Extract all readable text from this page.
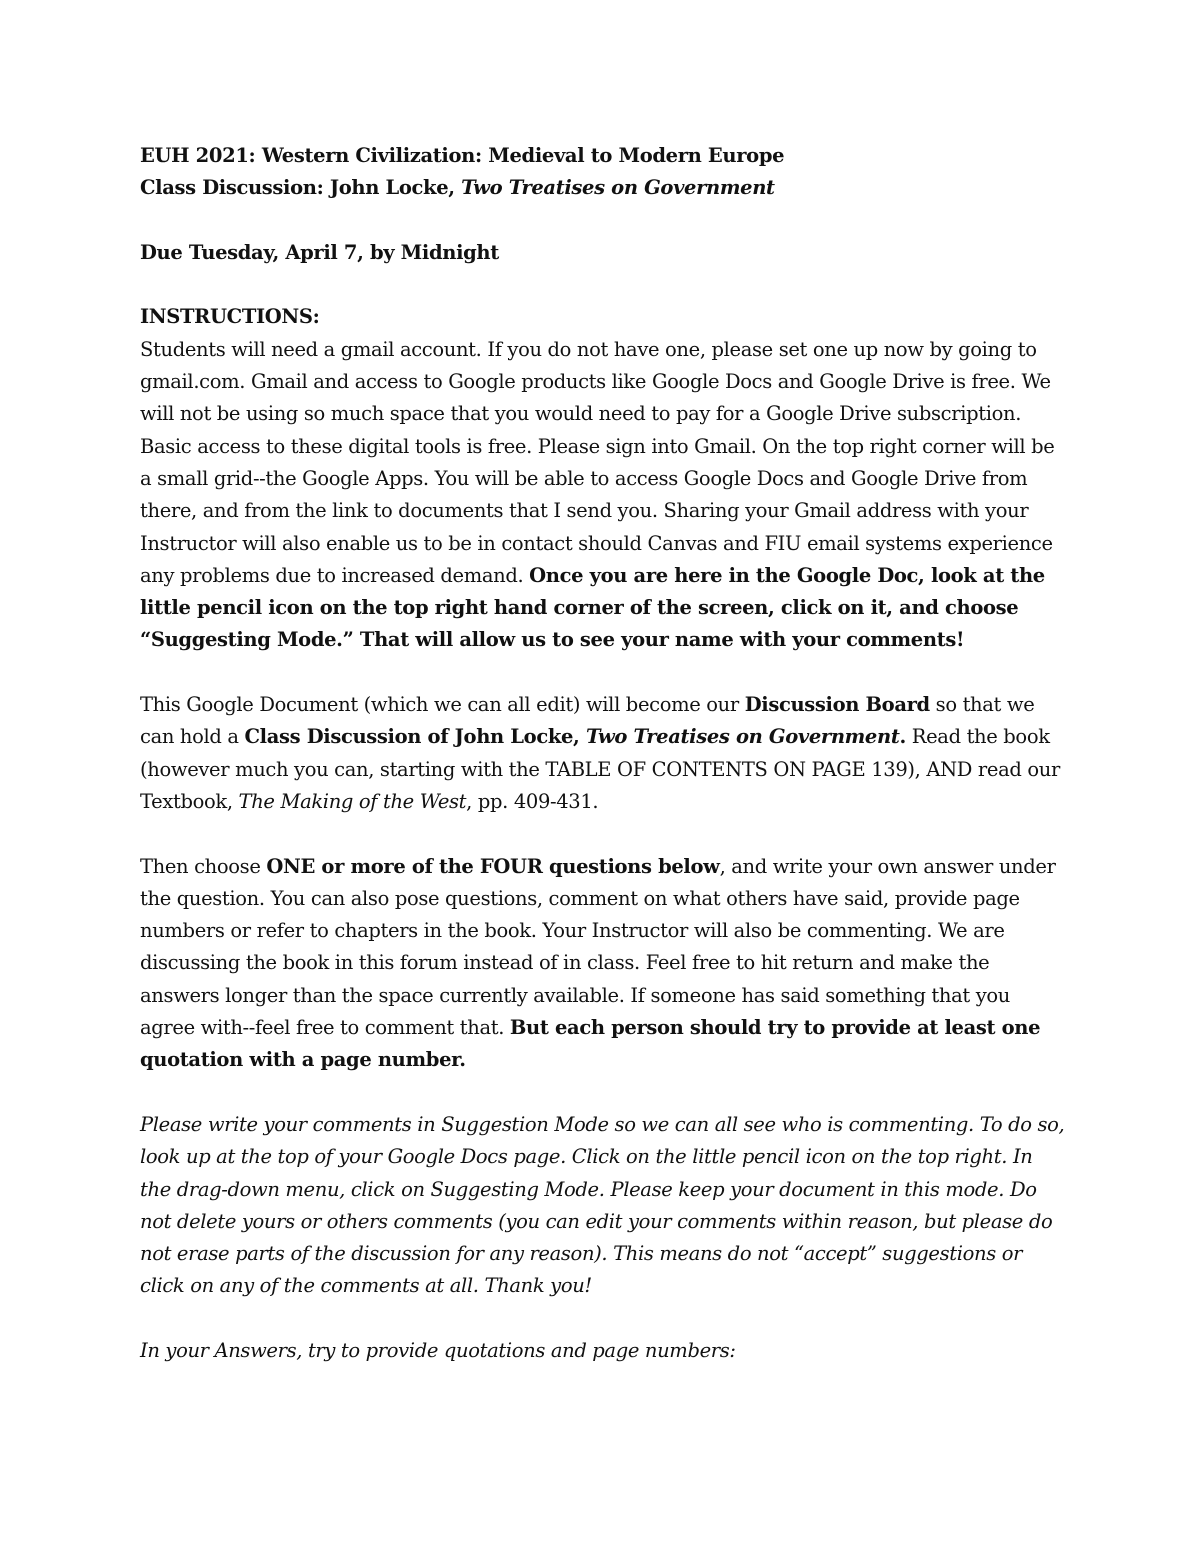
EUH 2021: Western Civilization: Medieval to Modern Europe

Class Discussion: John Locke, Two Treatises on Government

Due Tuesday, April 7, by Midnight

INSTRUCTIONS:

Students will need a gmail account. If you do not have one, please set one up now by going to gmail.com. Gmail and access to Google products like Google Docs and Google Drive is free. We will not be using so much space that you would need to pay for a Google Drive subscription. Basic access to these digital tools is free. Please sign into Gmail. On the top right corner will be a small grid--the Google Apps. You will be able to access Google Docs and Google Drive from there, and from the link to documents that I send you. Sharing your Gmail address with your Instructor will also enable us to be in contact should Canvas and FIU email systems experience any problems due to increased demand. Once you are here in the Google Doc, look at the little pencil icon on the top right hand corner of the screen, click on it, and choose “Suggesting Mode.” That will allow us to see your name with your comments!

This Google Document (which we can all edit) will become our Discussion Board so that we can hold a Class Discussion of John Locke, Two Treatises on Government. Read the book (however much you can, starting with the TABLE OF CONTENTS ON PAGE 139), AND read our Textbook, The Making of the West, pp. 409-431.

Then choose ONE or more of the FOUR questions below, and write your own answer under the question. You can also pose questions, comment on what others have said, provide page numbers or refer to chapters in the book. Your Instructor will also be commenting. We are discussing the book in this forum instead of in class. Feel free to hit return and make the answers longer than the space currently available. If someone has said something that you agree with--feel free to comment that. But each person should try to provide at least one quotation with a page number.

Please write your comments in Suggestion Mode so we can all see who is commenting. To do so, look up at the top of your Google Docs page. Click on the little pencil icon on the top right. In the drag-down menu, click on Suggesting Mode. Please keep your document in this mode. Do not delete yours or others comments (you can edit your comments within reason, but please do not erase parts of the discussion for any reason). This means do not “accept” suggestions or click on any of the comments at all. Thank you!

In your Answers, try to provide quotations and page numbers:
